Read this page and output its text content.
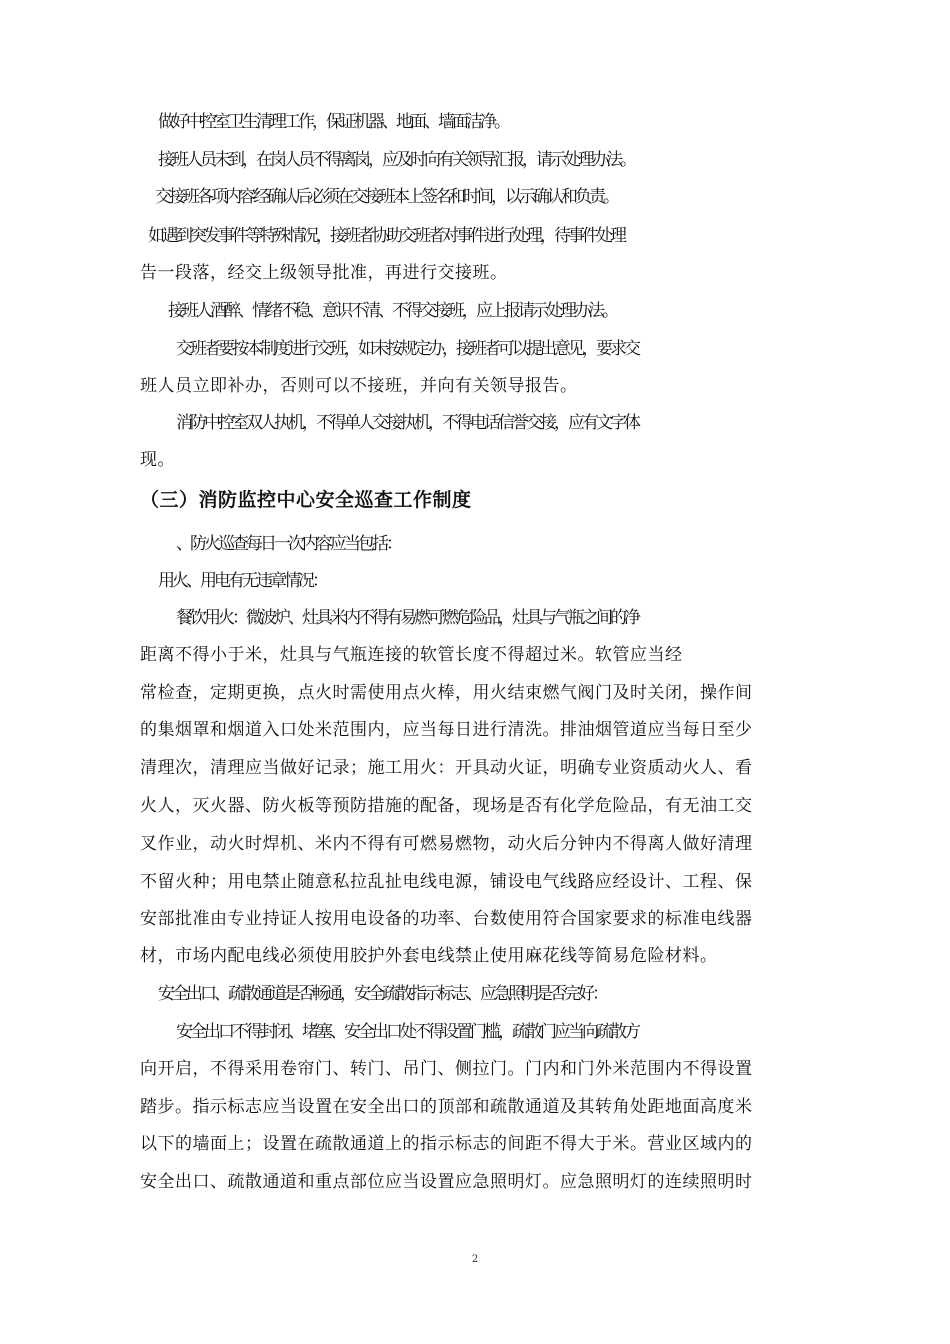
做好中控室卫生清理工作，保证机器、地面、墙面洁净。
接班人员未到，在岗人员不得离岗，应及时向有关领导汇报，请示处理办法。
交接班各项内容经确认后必须在交接班本上签名和时间，以示确认和负责。
如遇到突发事件等特殊情况，接班者协助交班者对事件进行处理，待事件处理
告一段落，经交上级领导批准，再进行交接班。
接班人酒醉、情绪不稳、意识不清、不得交接班，应上报请示处理办法。
交班者要按本制度进行交班，如未按规定办，接班者可以提出意见，要求交
班人员立即补办，否则可以不接班，并向有关领导报告。
消防中控室双人执机，不得单人交接执机，不得电话信誉交接，应有文字体
现。
（三）消防监控中心安全巡查工作制度
、防火巡查每日一次内容应当包括：
用火、用电有无违章情况：
餐饮用火：微波炉、灶具米内不得有易燃可燃危险品，灶具与气瓶之间的净
距离不得小于米，灶具与气瓶连接的软管长度不得超过米。软管应当经
常检查，定期更换，点火时需使用点火棒，用火结束燃气阀门及时关闭，操作间
的集烟罩和烟道入口处米范围内，应当每日进行清洗。排油烟管道应当每日至少
清理次，清理应当做好记录；施工用火：开具动火证，明确专业资质动火人、看
火人，灭火器、防火板等预防措施的配备，现场是否有化学危险品，有无油工交
叉作业，动火时焊机、米内不得有可燃易燃物，动火后分钟内不得离人做好清理
不留火种；用电禁止随意私拉乱扯电线电源，铺设电气线路应经设计、工程、保
安部批准由专业持证人按用电设备的功率、台数使用符合国家要求的标准电线器
材，市场内配电线必须使用胶护外套电线禁止使用麻花线等简易危险材料。
安全出口、疏散通道是否畅通，安全疏散指示标志、应急照明是否完好：
安全出口不得封闭、堵塞、安全出口处不得设置门槛，疏散门应当向疏散方
向开启，不得采用卷帘门、转门、吊门、侧拉门。门内和门外米范围内不得设置
踏步。指示标志应当设置在安全出口的顶部和疏散通道及其转角处距地面高度米
以下的墙面上；设置在疏散通道上的指示标志的间距不得大于米。营业区域内的
安全出口、疏散通道和重点部位应当设置应急照明灯。应急照明灯的连续照明时
2
